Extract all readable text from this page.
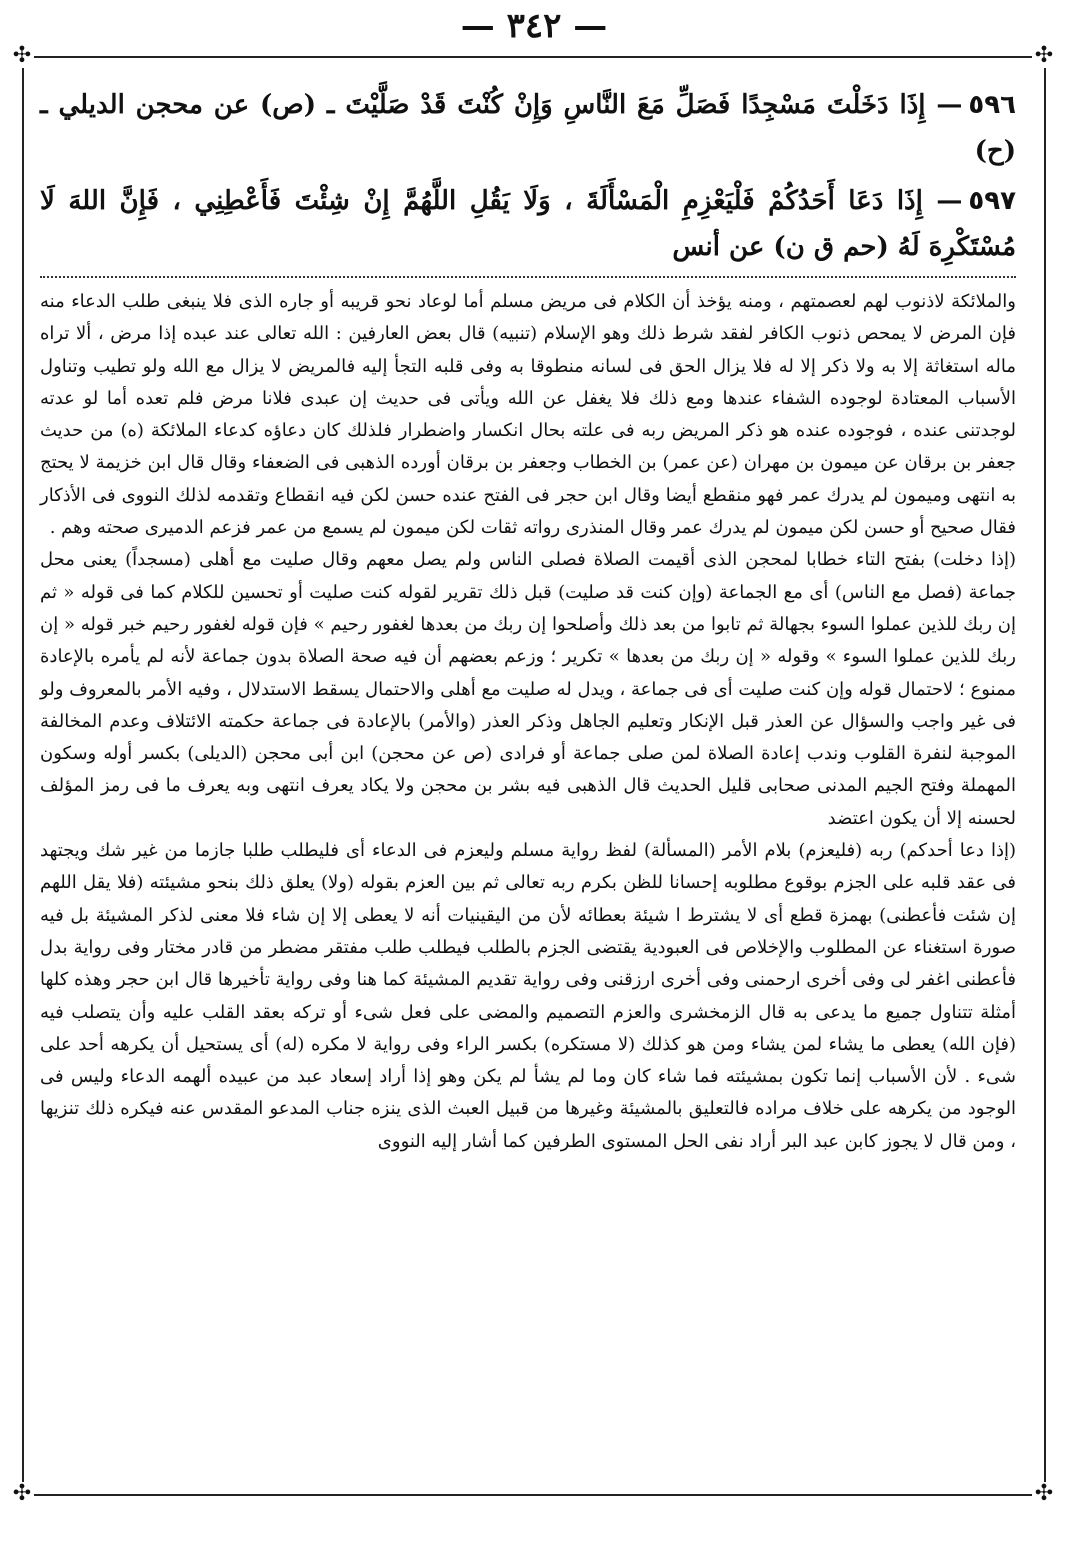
— ٣٤٢ —
✣	✣
✣	✣
٥٩٦— إِذَا دَخَلْتَ مَسْجِدًا فَصَلِّ مَعَ النَّاسِ وَإِنْ كُنْتَ قَدْ صَلَّيْتَ ـ (ص) عن محجن الديلي ـ (ح)
٥٩٧— إِذَا دَعَا أَحَدُكُمْ فَلْيَعْزِمِ الْمَسْأَلَةَ ، وَلَا يَقُلِ اللَّهُمَّ إِنْ شِئْتَ فَأَعْطِنِي ، فَإِنَّ اللهَ لَا مُسْتَكْرِهَ لَهُ (حم ق ن) عن أنس

والملائكة لاذنوب لهم لعصمتهم ، ومنه يؤخذ أن الكلام فى مريض مسلم أما لوعاد نحو قريبه أو جاره الذى فلا ينبغى طلب الدعاء منه فإن المرض لا يمحص ذنوب الكافر لفقد شرط ذلك وهو الإسلام (تنبيه) قال بعض العارفين : الله تعالى عند عبده إذا مرض ، ألا تراه ماله استغاثة إلا به ولا ذكر إلا له فلا يزال الحق فى لسانه منطوقا به وفى قلبه التجأ إليه فالمريض لا يزال مع الله ولو تطيب وتناول الأسباب المعتادة لوجوده الشفاء عندها ومع ذلك فلا يغفل عن الله ويأتى فى حديث إن عبدى فلانا مرض فلم تعده أما لو عدته لوجدتنى عنده ، فوجوده عنده هو ذكر المريض ربه فى علته بحال انكسار واضطرار فلذلك كان دعاؤه كدعاء الملائكة (ه) من حديث جعفر بن برقان عن ميمون بن مهران (عن عمر) بن الخطاب وجعفر بن برقان أورده الذهبى فى الضعفاء وقال قال ابن خزيمة لا يحتج به انتهى وميمون لم يدرك عمر فهو منقطع أيضا وقال ابن حجر فى الفتح عنده حسن لكن فيه انقطاع وتقدمه لذلك النووى فى الأذكار فقال صحيح أو حسن لكن ميمون لم يدرك عمر وقال المنذرى رواته ثقات لكن ميمون لم يسمع من عمر فزعم الدميرى صحته وهم .

(إذا دخلت) بفتح التاء خطابا لمحجن الذى أقيمت الصلاة فصلى الناس ولم يصل معهم وقال صليت مع أهلى (مسجداً) يعنى محل جماعة (فصل مع الناس) أى مع الجماعة (وإن كنت قد صليت) قبل ذلك تقرير لقوله كنت صليت أو تحسين للكلام كما فى قوله « ثم إن ربك للذين عملوا السوء بجهالة ثم تابوا من بعد ذلك وأصلحوا إن ربك من بعدها لغفور رحيم » فإن قوله لغفور رحيم خبر قوله « إن ربك للذين عملوا السوء » وقوله « إن ربك من بعدها » تكرير ؛ وزعم بعضهم أن فيه صحة الصلاة بدون جماعة لأنه لم يأمره بالإعادة ممنوع ؛ لاحتمال قوله وإن كنت صليت أى فى جماعة ، ويدل له صليت مع أهلى والاحتمال يسقط الاستدلال ، وفيه الأمر بالمعروف ولو فى غير واجب والسؤال عن العذر قبل الإنكار وتعليم الجاهل وذكر العذر (والأمر) بالإعادة فى جماعة حكمته الائتلاف وعدم المخالفة الموجبة لنفرة القلوب وندب إعادة الصلاة لمن صلى جماعة أو فرادى (ص عن محجن) ابن أبى محجن (الديلى) بكسر أوله وسكون المهملة وفتح الجيم المدنى صحابى قليل الحديث قال الذهبى فيه بشر بن محجن ولا يكاد يعرف انتهى وبه يعرف ما فى رمز المؤلف لحسنه إلا أن يكون اعتضد

(إذا دعا أحدكم) ربه (فليعزم) بلام الأمر (المسألة) لفظ رواية مسلم وليعزم فى الدعاء أى فليطلب طلبا جازما من غير شك ويجتهد فى عقد قلبه على الجزم بوقوع مطلوبه إحسانا للظن بكرم ربه تعالى ثم بين العزم بقوله (ولا) يعلق ذلك بنحو مشيئته (فلا يقل اللهم إن شئت فأعطنى) بهمزة قطع أى لا يشترط ا شيئة بعطائه لأن من اليقينيات أنه لا يعطى إلا إن شاء فلا معنى لذكر المشيئة بل فيه صورة استغناء عن المطلوب والإخلاص فى العبودية يقتضى الجزم بالطلب فيطلب طلب مفتقر مضطر من قادر مختار وفى رواية بدل فأعطنى اغفر لى وفى أخرى ارحمنى وفى أخرى ارزقنى وفى رواية تقديم المشيئة كما هنا وفى رواية تأخيرها قال ابن حجر وهذه كلها أمثلة تتناول جميع ما يدعى به قال الزمخشرى والعزم التصميم والمضى على فعل شىء أو تركه بعقد القلب عليه وأن يتصلب فيه (فإن الله) يعطى ما يشاء لمن يشاء ومن هو كذلك (لا مستكره) بكسر الراء وفى رواية لا مكره (له) أى يستحيل أن يكرهه أحد على شىء . لأن الأسباب إنما تكون بمشيئته فما شاء كان وما لم يشأ لم يكن وهو إذا أراد إسعاد عبد من عبيده ألهمه الدعاء وليس فى الوجود من يكرهه على خلاف مراده فالتعليق بالمشيئة وغيرها من قبيل العبث الذى ينزه جناب المدعو المقدس عنه فيكره ذلك تنزيها ، ومن قال لا يجوز كابن عبد البر أراد نفى الحل المستوى الطرفين كما أشار إليه النووى
